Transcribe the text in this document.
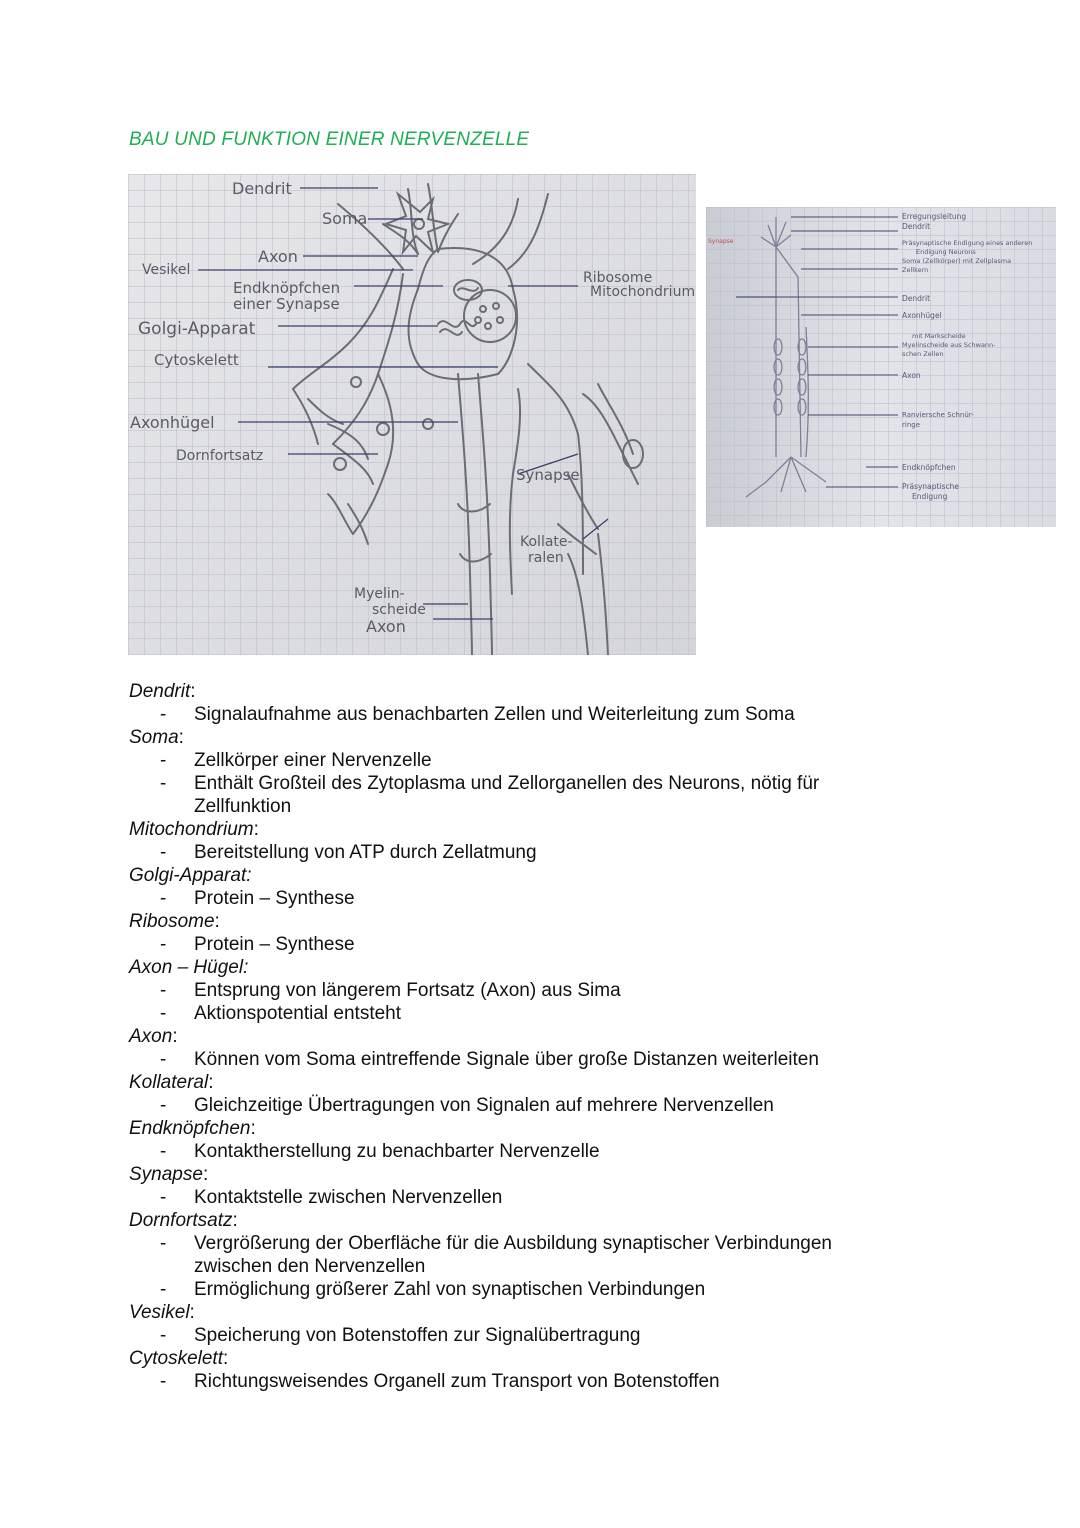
BAU UND FUNKTION EINER NERVENZELLE
Dendrit
Soma
Axon
Vesikel
Endknöpfchen
einer Synapse
Golgi-Apparat
Cytoskelett
Ribosome
Mitochondrium
Axonhügel
Dornfortsatz
Synapse
Kollate-
ralen
Myelin-
scheide
Axon
Synapse
Erregungsleitung
Dendrit
Präsynaptische Endigung eines anderen
Endigung Neurons
Soma (Zellkörper) mit Zellplasma
Zellkern
Dendrit
Axonhügel
mit Markscheide
Myelinscheide aus Schwann-
schen Zellen
Axon
Ranviersche Schnür-
ringe
Endknöpfchen
Präsynaptische
Endigung
Dendrit:
- Signalaufnahme aus benachbarten Zellen und Weiterleitung zum Soma
Soma:
- Zellkörper einer Nervenzelle
- Enthält Großteil des Zytoplasma und Zellorganellen des Neurons, nötig für Zellfunktion
Mitochondrium:
- Bereitstellung von ATP durch Zellatmung
Golgi-Apparat:
- Protein – Synthese
Ribosome:
- Protein – Synthese
Axon – Hügel:
- Entsprung von längerem Fortsatz (Axon) aus Sima
- Aktionspotential entsteht
Axon:
- Können vom Soma eintreffende Signale über große Distanzen weiterleiten
Kollateral:
- Gleichzeitige Übertragungen von Signalen auf mehrere Nervenzellen
Endknöpfchen:
- Kontaktherstellung zu benachbarter Nervenzelle
Synapse:
- Kontaktstelle zwischen Nervenzellen
Dornfortsatz:
- Vergrößerung der Oberfläche für die Ausbildung synaptischer Verbindungen zwischen den Nervenzellen
- Ermöglichung größerer Zahl von synaptischen Verbindungen
Vesikel:
- Speicherung von Botenstoffen zur Signalübertragung
Cytoskelett:
- Richtungsweisendes Organell zum Transport von Botenstoffen
